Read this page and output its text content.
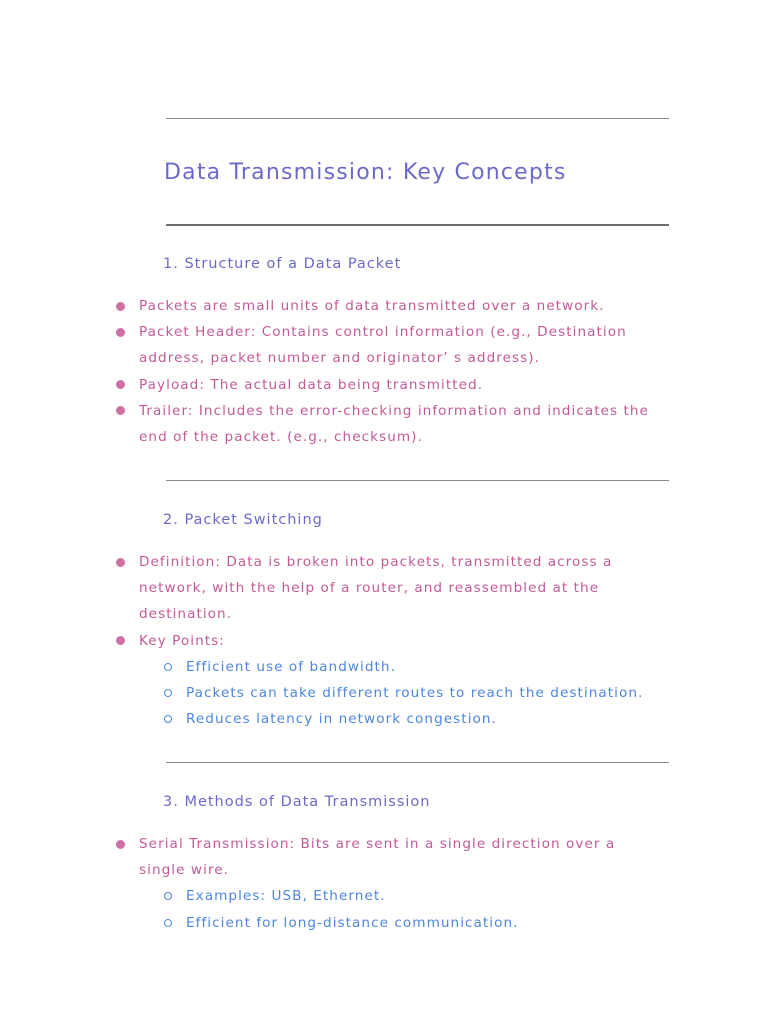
Data Transmission: Key Concepts
1. Structure of a Data Packet
Packets are small units of data transmitted over a network.
Packet Header: Contains control information (e.g., Destination address, packet number and originator’ s address).
Payload: The actual data being transmitted.
Trailer: Includes the error-checking information and indicates the end of the packet. (e.g., checksum).
2. Packet Switching
Definition: Data is broken into packets, transmitted across a network, with the help of a router, and reassembled at the destination.
Key Points:
Efficient use of bandwidth.
Packets can take different routes to reach the destination.
Reduces latency in network congestion.
3. Methods of Data Transmission
Serial Transmission: Bits are sent in a single direction over a single wire.
Examples: USB, Ethernet.
Efficient for long-distance communication.
